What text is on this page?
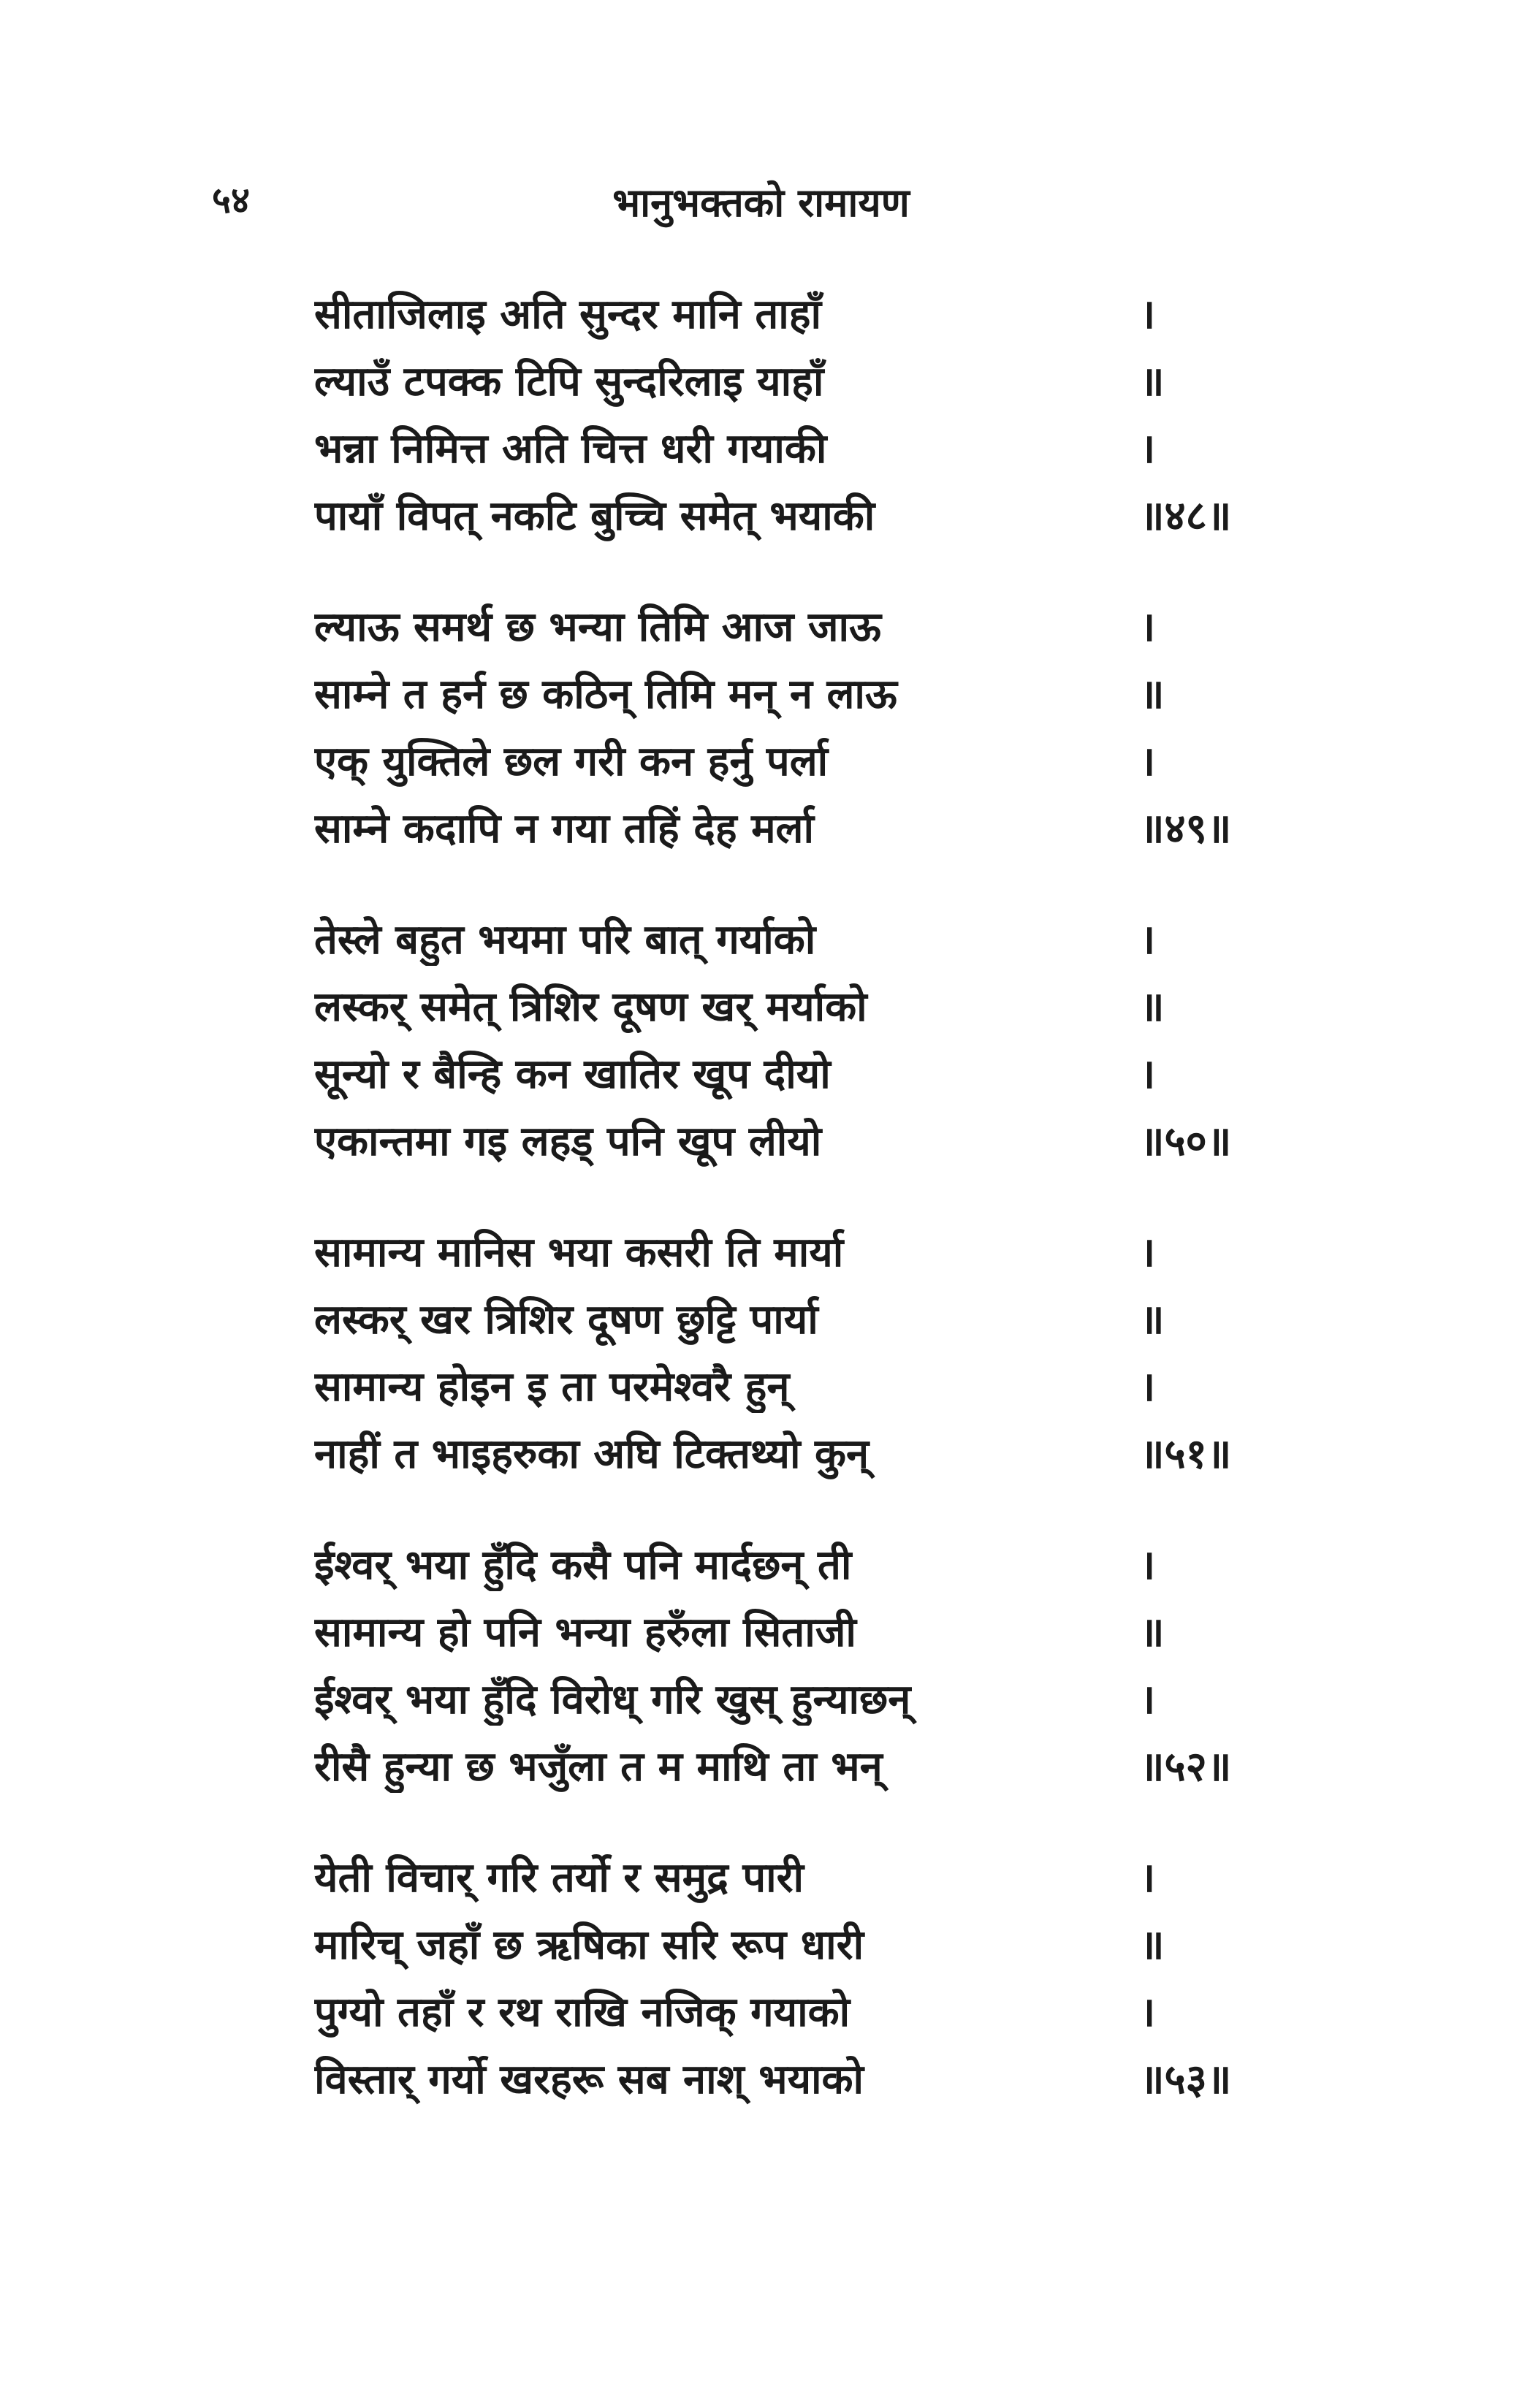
५४	भानुभक्तको रामायण
सीताजिलाइ अति सुन्दर मानि ताहाँ	।
ल्याउँ टपक्क टिपि सुन्दरिलाइ याहाँ	॥
भन्ना निमित्त अति चित्त धरी गयाकी	।
पायाँ विपत् नकटि बुच्चि समेत् भयाकी	॥४८॥
ल्याऊ समर्थ छ भन्या तिमि आज जाऊ	।
साम्ने त हर्न छ कठिन् तिमि मन् न लाऊ	॥
एक् युक्तिले छल गरी कन हर्नु पर्ला	।
साम्ने कदापि न गया तहिं देह मर्ला	॥४९॥
तेस्ले बहुत भयमा परि बात् गर्याको	।
लस्कर् समेत् त्रिशिर दूषण खर् मर्याको	॥
सून्यो र बैन्हि कन खातिर खूप दीयो	।
एकान्तमा गइ लहड् पनि खूप लीयो	॥५०॥
सामान्य मानिस भया कसरी ति मार्या	।
लस्कर् खर त्रिशिर दूषण छुट्टि पार्या	॥
सामान्य होइन इ ता परमेश्वरै हुन्	।
नाहीं त भाइहरुका अघि टिक्तथ्यो कुन्	॥५१॥
ईश्वर् भया हुँदि कसै पनि मार्दछन् ती	।
सामान्य हो पनि भन्या हरुँला सिताजी	॥
ईश्वर् भया हुँदि विरोध् गरि खुस् हुन्याछन्	।
रीसै हुन्या छ भजुँला त म माथि ता भन्	॥५२॥
येती विचार् गरि तर्यो र समुद्र पारी	।
मारिच् जहाँ छ ऋषिका सरि रूप धारी	॥
पुग्यो तहाँ र रथ राखि नजिक् गयाको	।
विस्तार् गर्यो खरहरू सब नाश् भयाको	॥५३॥
